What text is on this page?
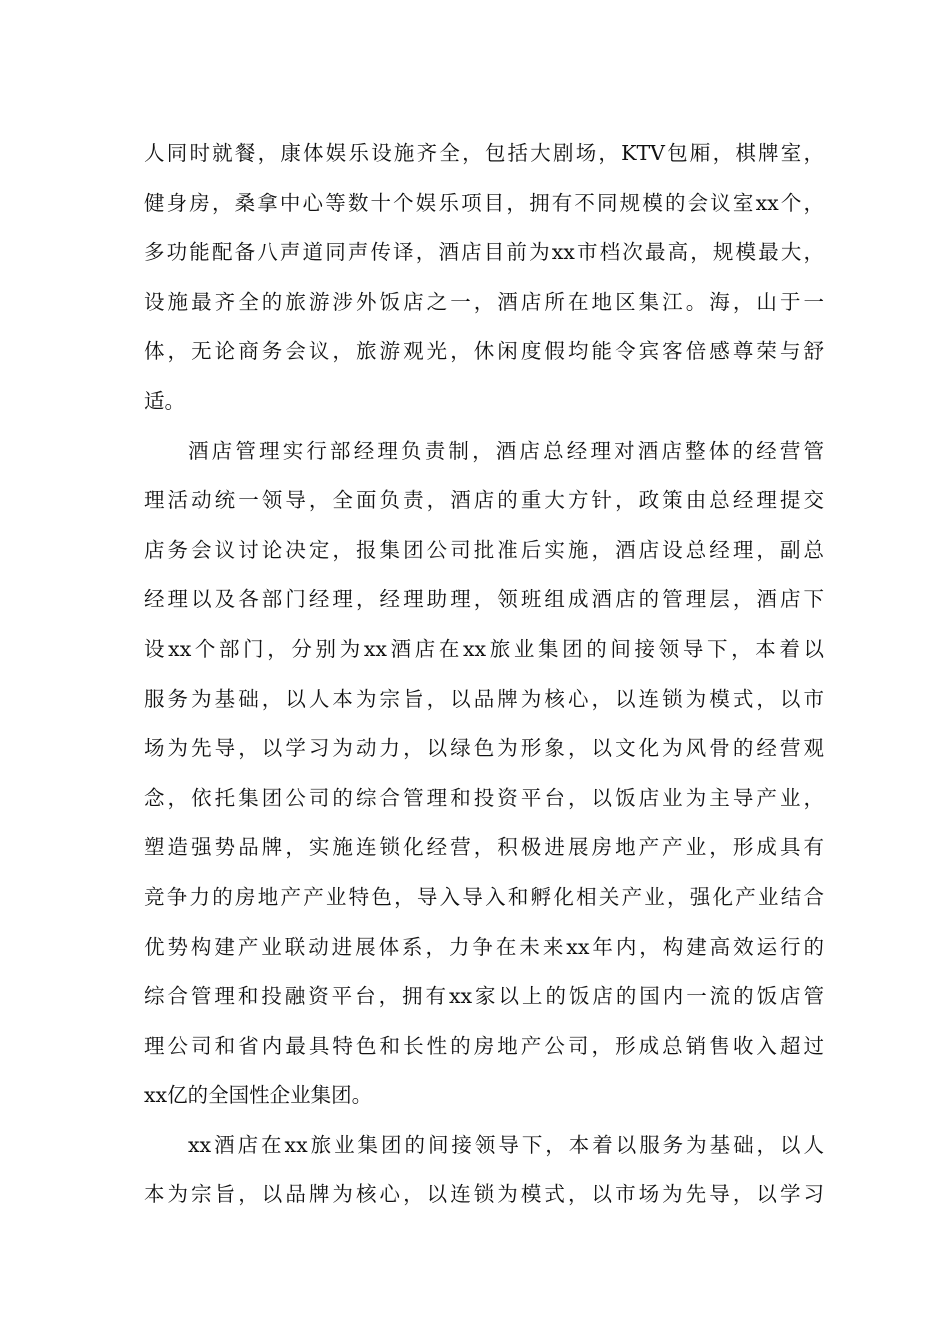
人同时就餐，康体娱乐设施齐全，包括大剧场，KTV包厢，棋牌室，
健身房，桑拿中心等数十个娱乐项目，拥有不同规模的会议室xx个，
多功能配备八声道同声传译，酒店目前为xx市档次最高，规模最大，
设施最齐全的旅游涉外饭店之一，酒店所在地区集江。海，山于一
体，无论商务会议，旅游观光，休闲度假均能令宾客倍感尊荣与舒
适。
酒店管理实行部经理负责制，酒店总经理对酒店整体的经营管
理活动统一领导，全面负责，酒店的重大方针，政策由总经理提交
店务会议讨论决定，报集团公司批准后实施，酒店设总经理，副总
经理以及各部门经理，经理助理，领班组成酒店的管理层，酒店下
设xx个部门，分别为xx酒店在xx旅业集团的间接领导下，本着以
服务为基础，以人本为宗旨，以品牌为核心，以连锁为模式，以市
场为先导，以学习为动力，以绿色为形象，以文化为风骨的经营观
念，依托集团公司的综合管理和投资平台，以饭店业为主导产业，
塑造强势品牌，实施连锁化经营，积极进展房地产产业，形成具有
竞争力的房地产产业特色，导入导入和孵化相关产业，强化产业结合
优势构建产业联动进展体系，力争在未来xx年内，构建高效运行的
综合管理和投融资平台，拥有xx家以上的饭店的国内一流的饭店管
理公司和省内最具特色和长性的房地产公司，形成总销售收入超过
xx亿的全国性企业集团。
xx酒店在xx旅业集团的间接领导下，本着以服务为基础，以人
本为宗旨，以品牌为核心，以连锁为模式，以市场为先导，以学习
